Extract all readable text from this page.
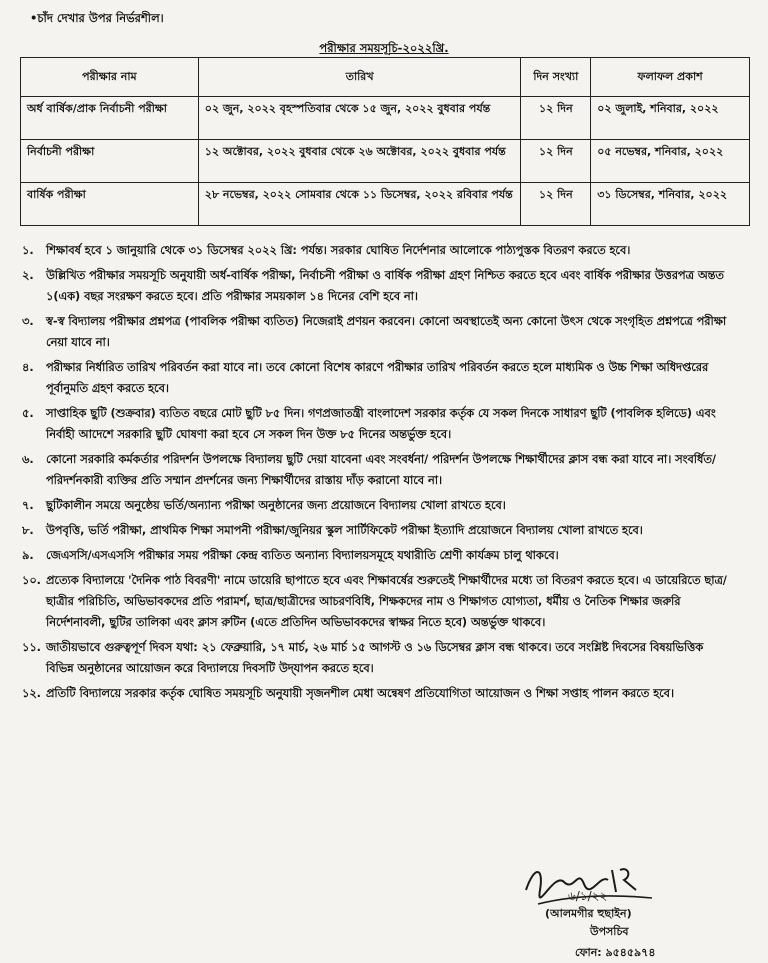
•চাঁদ দেখার উপর নির্ভরশীল।
পরীক্ষার সময়সূচি-২০২২খ্রি.
পরীক্ষার নাম	তারিখ	দিন সংখ্যা	ফলাফল প্রকাশ
অর্ধ বার্ষিক/প্রাক নির্বাচনী পরীক্ষা	০২ জুন, ২০২২ বৃহস্পতিবার থেকে ১৫ জুন, ২০২২ বুধবার পর্যন্ত	১২ দিন	০২ জুলাই, শনিবার, ২০২২
নির্বাচনী পরীক্ষা	১২ অক্টোবর, ২০২২ বুধবার থেকে ২৬ অক্টোবর, ২০২২ বুধবার পর্যন্ত	১২ দিন	০৫ নভেম্বর, শনিবার, ২০২২
বার্ষিক পরীক্ষা	২৮ নভেম্বর, ২০২২ সোমবার থেকে ১১ ডিসেম্বর, ২০২২ রবিবার পর্যন্ত	১২ দিন	৩১ ডিসেম্বর, শনিবার, ২০২২
১. শিক্ষাবর্ষ হবে ১ জানুয়ারি থেকে ৩১ ডিসেম্বর ২০২২ খ্রি: পর্যন্ত। সরকার ঘোষিত নির্দেশনার আলোকে পাঠ্যপুস্তক বিতরণ করতে হবে।
২. উল্লিখিত পরীক্ষার সময়সূচি অনুযায়ী অর্ধ-বার্ষিক পরীক্ষা, নির্বাচনী পরীক্ষা ও বার্ষিক পরীক্ষা গ্রহণ নিশ্চিত করতে হবে এবং বার্ষিক পরীক্ষার উত্তরপত্র অন্তত ১(এক) বছর সংরক্ষণ করতে হবে। প্রতি পরীক্ষার সময়কাল ১৪ দিনের বেশি হবে না।
৩. স্ব-স্ব বিদ্যালয় পরীক্ষার প্রশ্নপত্র (পাবলিক পরীক্ষা ব্যতিত) নিজেরাই প্রণয়ন করবেন। কোনো অবস্থাতেই অন্য কোনো উৎস থেকে সংগৃহিত প্রশ্নপত্রে পরীক্ষা নেয়া যাবে না।
৪. পরীক্ষার নির্ধারিত তারিখ পরিবর্তন করা যাবে না। তবে কোনো বিশেষ কারণে পরীক্ষার তারিখ পরিবর্তন করতে হলে মাধ্যমিক ও উচ্চ শিক্ষা অধিদপ্তরের পূর্বানুমতি গ্রহণ করতে হবে।
৫. সাপ্তাহিক ছুটি (শুক্রবার) ব্যতিত বছরে মোট ছুটি ৮৫ দিন। গণপ্রজাতন্ত্রী বাংলাদেশ সরকার কর্তৃক যে সকল দিনকে সাধারণ ছুটি (পাবলিক হলিডে) এবং নির্বাহী আদেশে সরকারি ছুটি ঘোষণা করা হবে সে সকল দিন উক্ত ৮৫ দিনের অন্তর্ভুক্ত হবে।
৬. কোনো সরকারি কর্মকর্তার পরিদর্শন উপলক্ষে বিদ্যালয় ছুটি দেয়া যাবেনা এবং সংবর্ধনা/ পরিদর্শন উপলক্ষে শিক্ষার্থীদের ক্লাস বন্ধ করা যাবে না। সংবর্ধিত/পরিদর্শনকারী ব্যক্তির প্রতি সম্মান প্রদর্শনের জন্য শিক্ষার্থীদের রাস্তায় দাঁড় করানো যাবে না।
৭. ছুটিকালীন সময়ে অনুষ্ঠেয় ভর্তি/অন্যান্য পরীক্ষা অনুষ্ঠানের জন্য প্রয়োজনে বিদ্যালয় খোলা রাখতে হবে।
৮. উপবৃত্তি, ভর্তি পরীক্ষা, প্রাথমিক শিক্ষা সমাপনী পরীক্ষা/জুনিয়র স্কুল সার্টিফিকেট পরীক্ষা ইত্যাদি প্রয়োজনে বিদ্যালয় খোলা রাখতে হবে।
৯. জেএসসি/এসএসসি পরীক্ষার সময় পরীক্ষা কেন্দ্র ব্যতিত অন্যান্য বিদ্যালয়সমূহে যথারীতি শ্রেণী কার্যক্রম চালু থাকবে।
১০. প্রত্যেক বিদ্যালয়ে 'দৈনিক পাঠ বিবরণী' নামে ডায়েরি ছাপাতে হবে এবং শিক্ষাবর্ষের শুরুতেই শিক্ষার্থীদের মধ্যে তা বিতরণ করতে হবে। এ ডায়েরিতে ছাত্র/ছাত্রীর পরিচিতি, অভিভাবকদের প্রতি পরামর্শ, ছাত্র/ছাত্রীদের আচরণবিধি, শিক্ষকদের নাম ও শিক্ষাগত যোগ্যতা, ধর্মীয় ও নৈতিক শিক্ষার জরুরি নির্দেশনাবলী, ছুটির তালিকা এবং ক্লাস রুটিন (এতে প্রতিদিন অভিভাবকদের স্বাক্ষর নিতে হবে) অন্তর্ভুক্ত থাকবে।
১১. জাতীয়ভাবে গুরুত্বপূর্ণ দিবস যথা: ২১ ফেব্রুয়ারি, ১৭ মার্চ, ২৬ মার্চ ১৫ আগস্ট ও ১৬ ডিসেম্বর ক্লাস বন্ধ থাকবে। তবে সংশ্লিষ্ট দিবসের বিষয়ভিত্তিক বিভিন্ন অনুষ্ঠানের আয়োজন করে বিদ্যালয়ে দিবসটি উদ্‌যাপন করতে হবে।
১২. প্রতিটি বিদ্যালয়ে সরকার কর্তৃক ঘোষিত সময়সূচি অনুযায়ী সৃজনশীল মেধা অন্বেষণ প্রতিযোগিতা আয়োজন ও শিক্ষা সপ্তাহ পালন করতে হবে।
৬/১/২২
(আলমগীর হুছাইন)
উপসচিব
ফোন: ৯৫৪৫৯৭৪
